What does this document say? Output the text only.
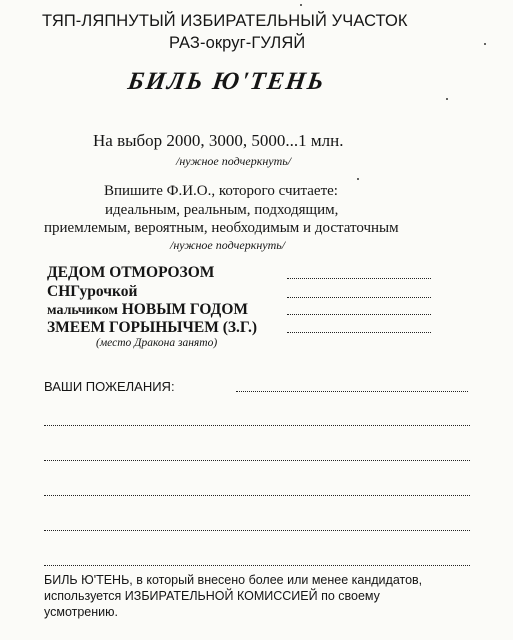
ТЯП-ЛЯПНУТЫЙ ИЗБИРАТЕЛЬНЫЙ УЧАСТОК
РАЗ-округ-ГУЛЯЙ
БИЛЬ Ю'ТЕНЬ
На выбор 2000, 3000, 5000...1 млн.
/нужное подчеркнуть/
Впишите Ф.И.О., которого считаете:
идеальным, реальным, подходящим,
приемлемым, вероятным, необходимым и достаточным
/нужное подчеркнуть/
ДЕДОМ ОТМОРОЗОМ
СНГурочкой
мальчиком НОВЫМ ГОДОМ
ЗМЕЕМ ГОРЫНЫЧЕМ (З.Г.)
(место Дракона занято)
ВАШИ ПОЖЕЛАНИЯ:
БИЛЬ Ю'ТЕНЬ, в который внесено более или менее кандидатов,
используется ИЗБИРАТЕЛЬНОЙ КОМИССИЕЙ по своему
усмотрению.
